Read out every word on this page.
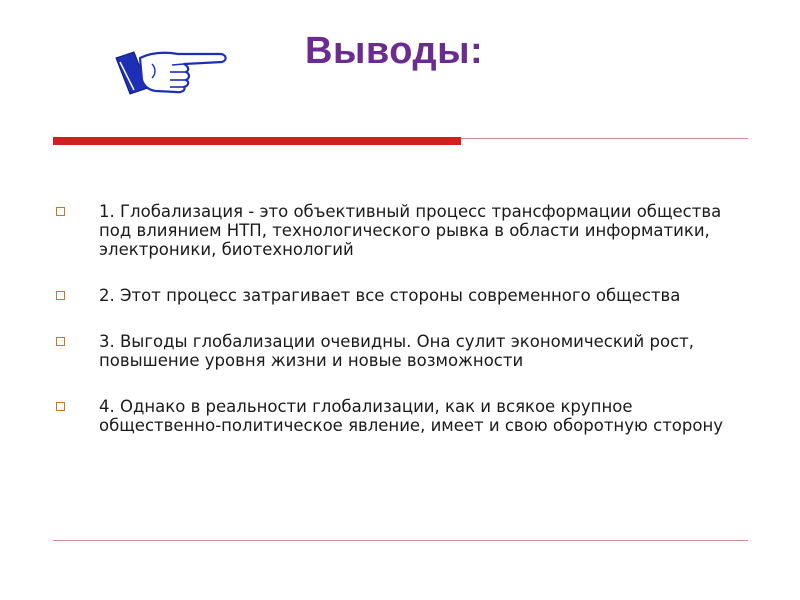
Выводы:
1. Глобализация - это объективный процесс трансформации общества под влиянием НТП, технологического рывка в области информатики, электроники, биотехнологий
2. Этот процесс затрагивает все стороны современного общества
3. Выгоды глобализации очевидны. Она сулит экономический рост, повышение уровня жизни и новые возможности
4. Однако в реальности глобализации, как и всякое крупное общественно-политическое явление, имеет и свою оборотную сторону
